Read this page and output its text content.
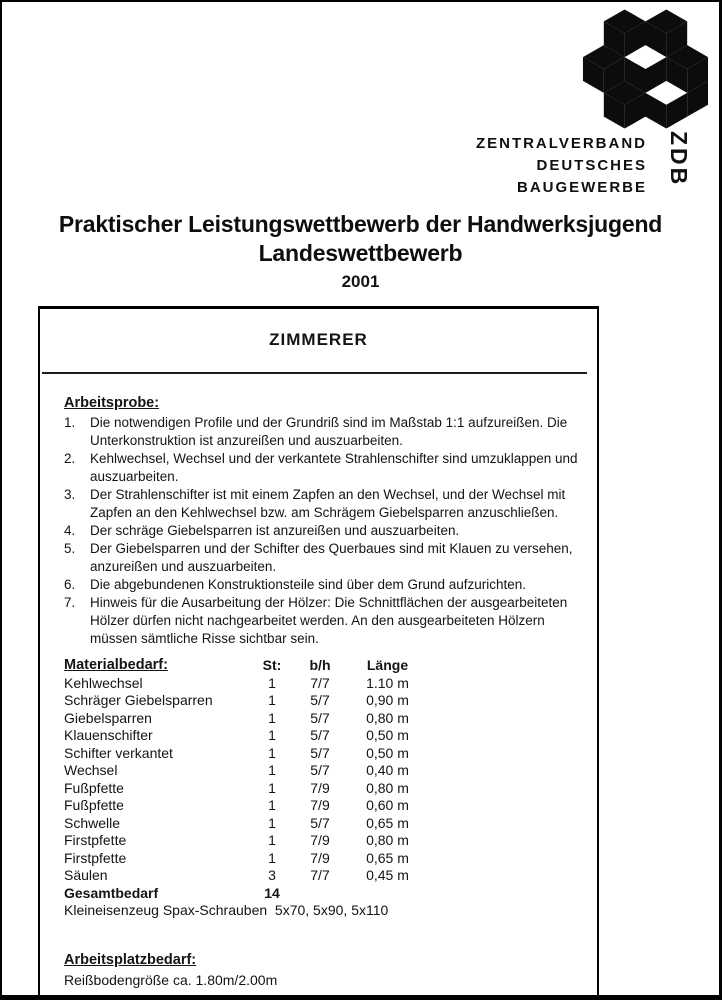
ZENTRALVERBAND
DEUTSCHES
BAUGEWERBE
ZDB
Praktischer Leistungswettbewerb der Handwerksjugend
Landeswettbewerb
2001
ZIMMERER
Arbeitsprobe:
1.	Die notwendigen Profile und der Grundriß sind im Maßstab 1:1 aufzureißen. Die Unterkonstruktion ist anzureißen und auszuarbeiten.
2.	Kehlwechsel, Wechsel und der verkantete Strahlenschifter sind umzuklappen und auszuarbeiten.
3.	Der Strahlenschifter ist mit einem Zapfen an den Wechsel, und der Wechsel mit Zapfen an den Kehlwechsel bzw. am Schrägem Giebelsparren anzuschließen.
4.	Der schräge Giebelsparren ist anzureißen und auszuarbeiten.
5.	Der Giebelsparren und der Schifter des Querbaues sind mit Klauen zu versehen, anzureißen und auszuarbeiten.
6.	Die abgebundenen Konstruktionsteile sind über dem Grund aufzurichten.
7.	Hinweis für die Ausarbeitung der Hölzer: Die Schnittflächen der ausgearbeiteten Hölzer dürfen nicht nachgearbeitet werden. An den ausgearbeiteten Hölzern müssen sämtliche Risse sichtbar sein.
Materialbedarf:	St:	b/h	Länge
Kehlwechsel	1	7/7	1.10 m
Schräger Giebelsparren	1	5/7	0,90 m
Giebelsparren	1	5/7	0,80 m
Klauenschifter	1	5/7	0,50 m
Schifter verkantet	1	5/7	0,50 m
Wechsel	1	5/7	0,40 m
Fußpfette	1	7/9	0,80 m
Fußpfette	1	7/9	0,60 m
Schwelle	1	5/7	0,65 m
Firstpfette	1	7/9	0,80 m
Firstpfette	1	7/9	0,65 m
Säulen	3	7/7	0,45 m
Gesamtbedarf	14
Kleineisenzeug Spax-Schrauben  5x70, 5x90, 5x110
Arbeitsplatzbedarf:
Reißbodengröße ca. 1.80m/2.00m
